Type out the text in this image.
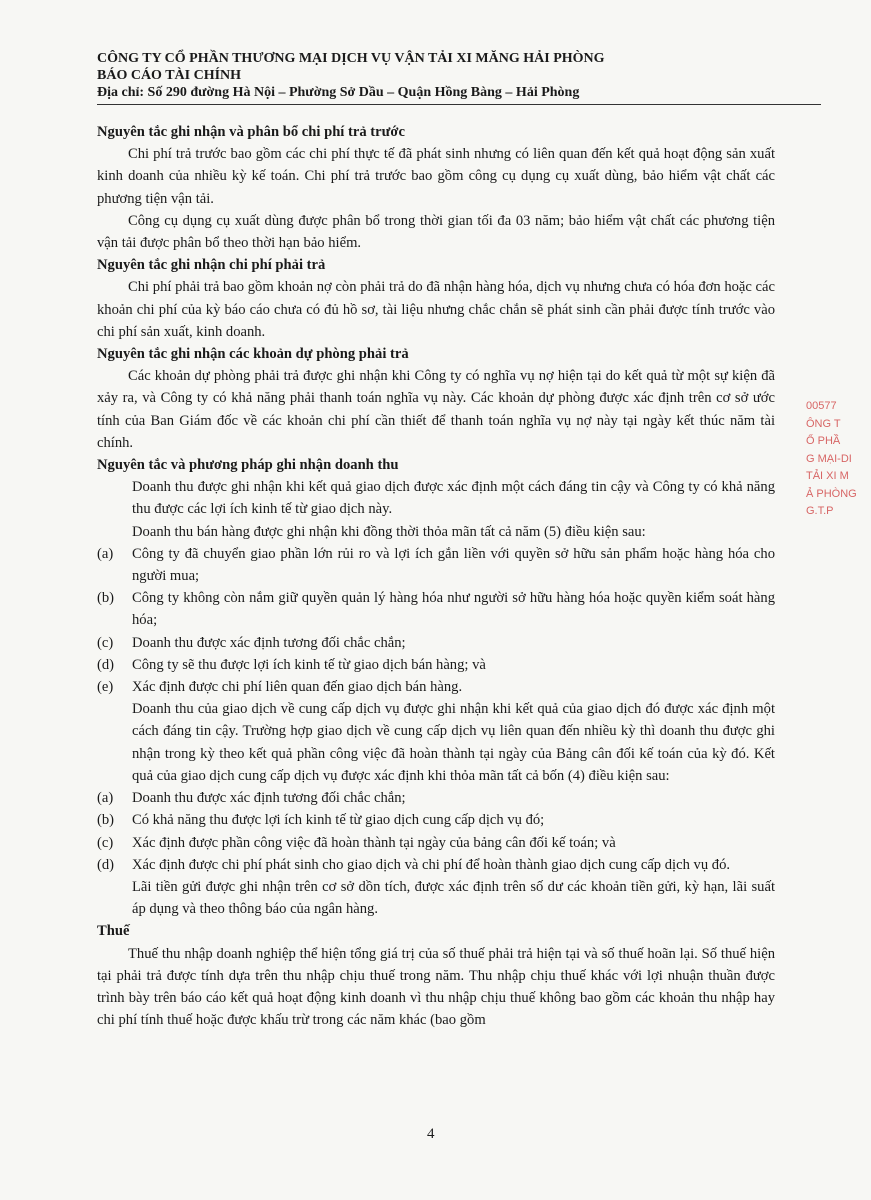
CÔNG TY CỔ PHẦN THƯƠNG MẠI DỊCH VỤ VẬN TẢI XI MĂNG HẢI PHÒNG
BÁO CÁO TÀI CHÍNH
Địa chỉ: Số 290 đường Hà Nội – Phường Sở Dầu – Quận Hồng Bàng – Hải Phòng

Nguyên tắc ghi nhận và phân bổ chi phí trả trước

Chi phí trả trước bao gồm các chi phí thực tế đã phát sinh nhưng có liên quan đến kết quả hoạt động sản xuất kinh doanh của nhiều kỳ kế toán. Chi phí trả trước bao gồm công cụ dụng cụ xuất dùng, bảo hiểm vật chất các phương tiện vận tải.

Công cụ dụng cụ xuất dùng được phân bổ trong thời gian tối đa 03 năm; bảo hiểm vật chất các phương tiện vận tải được phân bổ theo thời hạn bảo hiểm.

Nguyên tắc ghi nhận chi phí phải trả

Chi phí phải trả bao gồm khoản nợ còn phải trả do đã nhận hàng hóa, dịch vụ nhưng chưa có hóa đơn hoặc các khoản chi phí của kỳ báo cáo chưa có đủ hồ sơ, tài liệu nhưng chắc chắn sẽ phát sinh cần phải được tính trước vào chi phí sản xuất, kinh doanh.

Nguyên tắc ghi nhận các khoản dự phòng phải trả

Các khoản dự phòng phải trả được ghi nhận khi Công ty có nghĩa vụ nợ hiện tại do kết quả từ một sự kiện đã xảy ra, và Công ty có khả năng phải thanh toán nghĩa vụ này. Các khoản dự phòng được xác định trên cơ sở ước tính của Ban Giám đốc về các khoản chi phí cần thiết để thanh toán nghĩa vụ nợ này tại ngày kết thúc năm tài chính.

Nguyên tắc và phương pháp ghi nhận doanh thu

Doanh thu được ghi nhận khi kết quả giao dịch được xác định một cách đáng tin cậy và Công ty có khả năng thu được các lợi ích kinh tế từ giao dịch này.

Doanh thu bán hàng được ghi nhận khi đồng thời thỏa mãn tất cả năm (5) điều kiện sau:

(a) Công ty đã chuyển giao phần lớn rủi ro và lợi ích gắn liền với quyền sở hữu sản phẩm hoặc hàng hóa cho người mua;

(b) Công ty không còn nắm giữ quyền quản lý hàng hóa như người sở hữu hàng hóa hoặc quyền kiểm soát hàng hóa;

(c) Doanh thu được xác định tương đối chắc chắn;

(d) Công ty sẽ thu được lợi ích kinh tế từ giao dịch bán hàng; và

(e) Xác định được chi phí liên quan đến giao dịch bán hàng.

Doanh thu của giao dịch về cung cấp dịch vụ được ghi nhận khi kết quả của giao dịch đó được xác định một cách đáng tin cậy. Trường hợp giao dịch về cung cấp dịch vụ liên quan đến nhiều kỳ thì doanh thu được ghi nhận trong kỳ theo kết quả phần công việc đã hoàn thành tại ngày của Bảng cân đối kế toán của kỳ đó. Kết quả của giao dịch cung cấp dịch vụ được xác định khi thỏa mãn tất cả bốn (4) điều kiện sau:

(a) Doanh thu được xác định tương đối chắc chắn;

(b) Có khả năng thu được lợi ích kinh tế từ giao dịch cung cấp dịch vụ đó;

(c) Xác định được phần công việc đã hoàn thành tại ngày của bảng cân đối kế toán; và

(d) Xác định được chi phí phát sinh cho giao dịch và chi phí để hoàn thành giao dịch cung cấp dịch vụ đó.

Lãi tiền gửi được ghi nhận trên cơ sở dồn tích, được xác định trên số dư các khoản tiền gửi, kỳ hạn, lãi suất áp dụng và theo thông báo của ngân hàng.

Thuế

Thuế thu nhập doanh nghiệp thể hiện tổng giá trị của số thuế phải trả hiện tại và số thuế hoãn lại. Số thuế hiện tại phải trả được tính dựa trên thu nhập chịu thuế trong năm. Thu nhập chịu thuế khác với lợi nhuận thuần được trình bày trên báo cáo kết quả hoạt động kinh doanh vì thu nhập chịu thuế không bao gồm các khoản thu nhập hay chi phí tính thuế hoặc được khấu trừ trong các năm khác (bao gồm

00577
ÔNG T
Ổ PHẦ
G MẠI-DI
TẢI XI M
Ả PHÒNG
G.T.P
4
